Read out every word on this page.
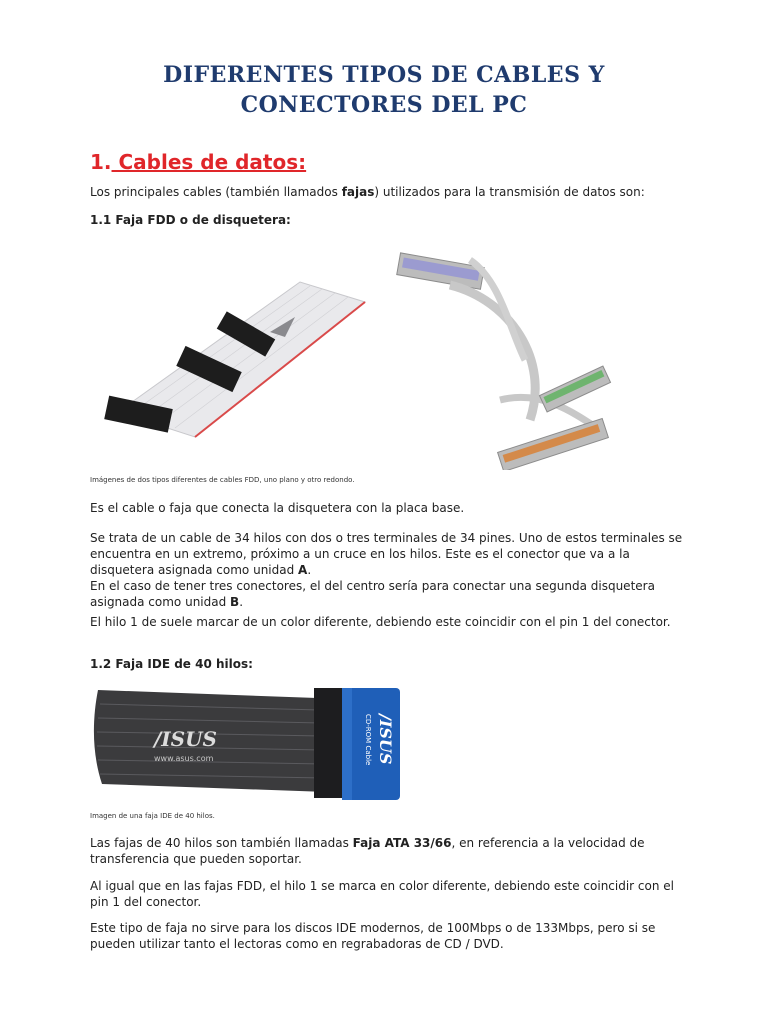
DIFERENTES TIPOS DE CABLES Y
CONECTORES DEL PC
1. Cables de datos:
Los principales cables (también llamados fajas) utilizados para la transmisión de datos son:
1.1 Faja FDD o de disquetera:
Imágenes de dos tipos diferentes de cables FDD, uno plano y otro redondo.
Es el cable o faja que conecta la disquetera con la placa base.
Se trata de un cable de 34 hilos con dos o tres terminales de 34 pines. Uno de estos terminales se
encuentra en un extremo, próximo a un cruce en los hilos. Este es el conector que va a la
disquetera asignada como unidad A.
En el caso de tener tres conectores, el del centro sería para conectar una segunda disquetera
asignada como unidad B.
El hilo 1 de suele marcar de un color diferente, debiendo este coincidir con el pin 1 del conector.
1.2 Faja IDE de 40 hilos:
/ISUS
www.asus.com	/ISUS
CD-ROM Cable
Imagen de una faja IDE de 40 hilos.
Las fajas de 40 hilos son también llamadas Faja ATA 33/66, en referencia a la velocidad de
transferencia que pueden soportar.
Al igual que en las fajas FDD, el hilo 1 se marca en color diferente, debiendo este coincidir con el
pin 1 del conector.
Este tipo de faja no sirve para los discos IDE modernos, de 100Mbps o de 133Mbps, pero si se
pueden utilizar tanto el lectoras como en regrabadoras de CD / DVD.
